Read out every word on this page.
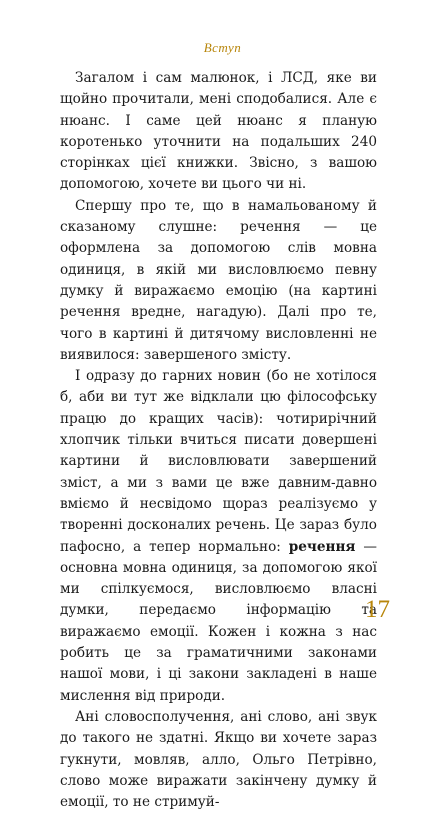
Вступ

Загалом і сам малюнок, і ЛСД, яке ви щойно прочитали, мені сподобалися. Але є нюанс. І саме цей нюанс я планую коротенько уточнити на подальших 240 сторінках цієї книжки. Звісно, з вашою допомогою, хочете ви цього чи ні.

Спершу про те, що в намальованому й сказаному слушне: речення — це оформлена за допомогою слів мовна одиниця, в якій ми висловлюємо певну думку й виражаємо емоцію (на картині речення вредне, нагадую). Далі про те, чого в картині й дитячому висловленні не виявилося: завершеного змісту.

І одразу до гарних новин (бо не хотілося б, аби ви тут же відклали цю філософську працю до кращих часів): чотирирічний хлопчик тільки вчиться писати довершені картини й висловлювати завершений зміст, а ми з вами це вже давним-давно вміємо й несвідомо щораз реалізуємо у творенні досконалих речень. Це зараз було пафосно, а тепер нормально: речення — основна мовна одиниця, за допомогою якої ми спілкуємося, висловлюємо власні думки, передаємо інформацію та виражаємо емоції. Кожен і кожна з нас робить це за граматичними законами нашої мови, і ці закони закладені в наше мислення від природи.

Ані словосполучення, ані слово, ані звук до такого не здатні. Якщо ви хочете зараз гукнути, мовляв, алло, Ольго Петрівно, слово може виражати закінчену думку й емоції, то не стримуй-

17
